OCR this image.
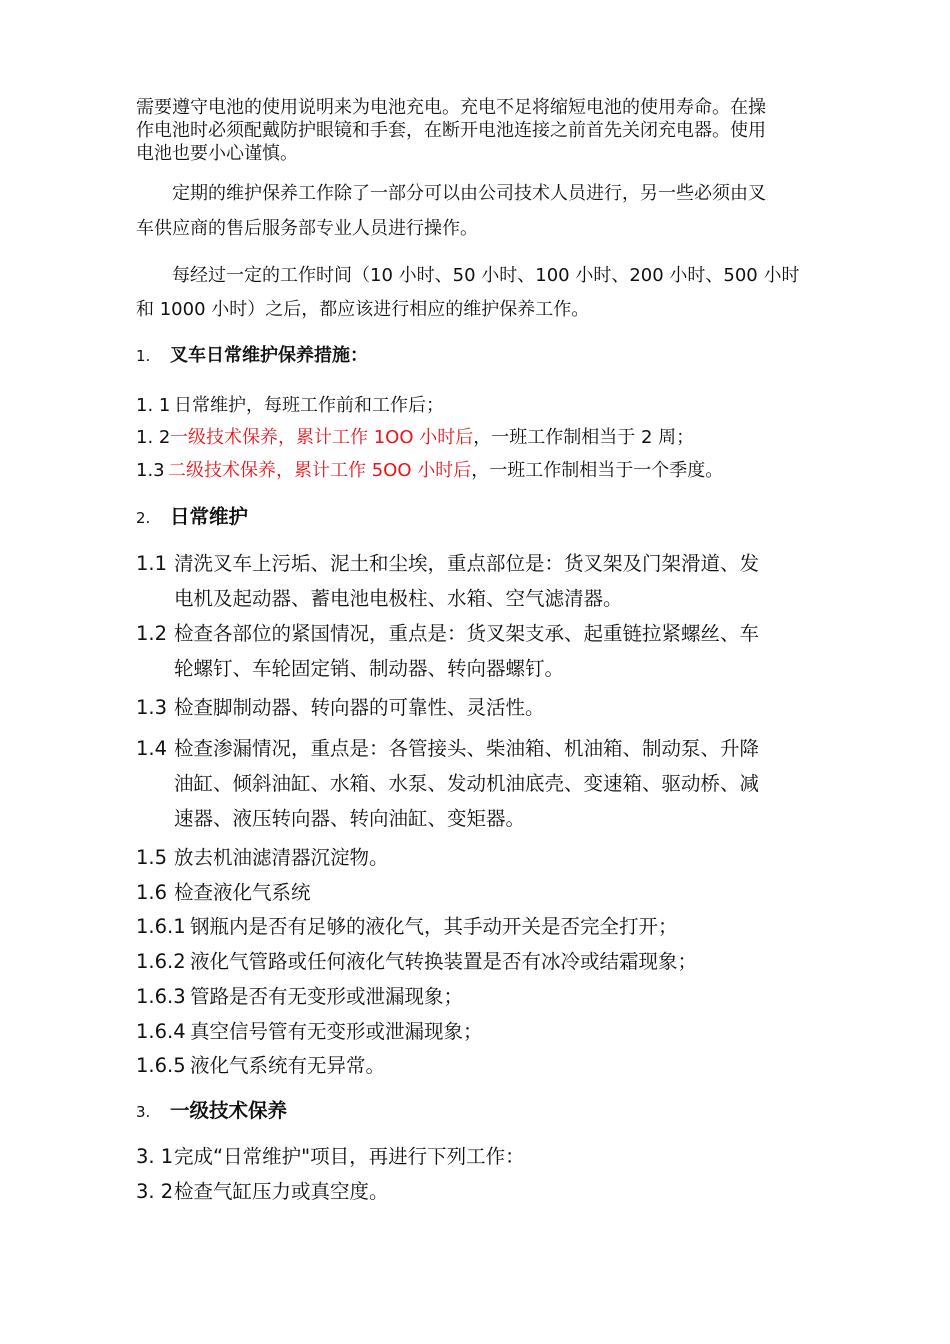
需要遵守电池的使用说明来为电池充电。充电不足将缩短电池的使用寿命。在操
作电池时必须配戴防护眼镜和手套，在断开电池连接之前首先关闭充电器。使用
电池也要小心谨慎。
定期的维护保养工作除了一部分可以由公司技术人员进行，另一些必须由叉
车供应商的售后服务部专业人员进行操作。
每经过一定的工作时间（10 小时、50 小时、100 小时、200 小时、500 小时
和 1000 小时）之后，都应该进行相应的维护保养工作。
1. 叉车日常维护保养措施：
1. 1 日常维护，每班工作前和工作后；
1. 2一级技术保养，累计工作 1OO 小时后，一班工作制相当于 2 周；
1.3 二级技术保养，累计工作 5OO 小时后，一班工作制相当于一个季度。
2. 日常维护
1.1 清洗叉车上污垢、泥土和尘埃，重点部位是：货叉架及门架滑道、发
电机及起动器、蓄电池电极柱、水箱、空气滤清器。
1.2 检查各部位的紧国情况，重点是：货叉架支承、起重链拉紧螺丝、车
轮螺钉、车轮固定销、制动器、转向器螺钉。
1.3 检查脚制动器、转向器的可靠性、灵活性。
1.4 检查渗漏情况，重点是：各管接头、柴油箱、机油箱、制动泵、升降
油缸、倾斜油缸、水箱、水泵、发动机油底壳、变速箱、驱动桥、减
速器、液压转向器、转向油缸、变矩器。
1.5 放去机油滤清器沉淀物。
1.6 检查液化气系统
1.6.1 钢瓶内是否有足够的液化气，其手动开关是否完全打开；
1.6.2 液化气管路或任何液化气转换装置是否有冰冷或结霜现象；
1.6.3 管路是否有无变形或泄漏现象；
1.6.4 真空信号管有无变形或泄漏现象；
1.6.5 液化气系统有无异常。
3. 一级技术保养
3. 1完成“日常维护"项目，再进行下列工作：
3. 2检查气缸压力或真空度。
